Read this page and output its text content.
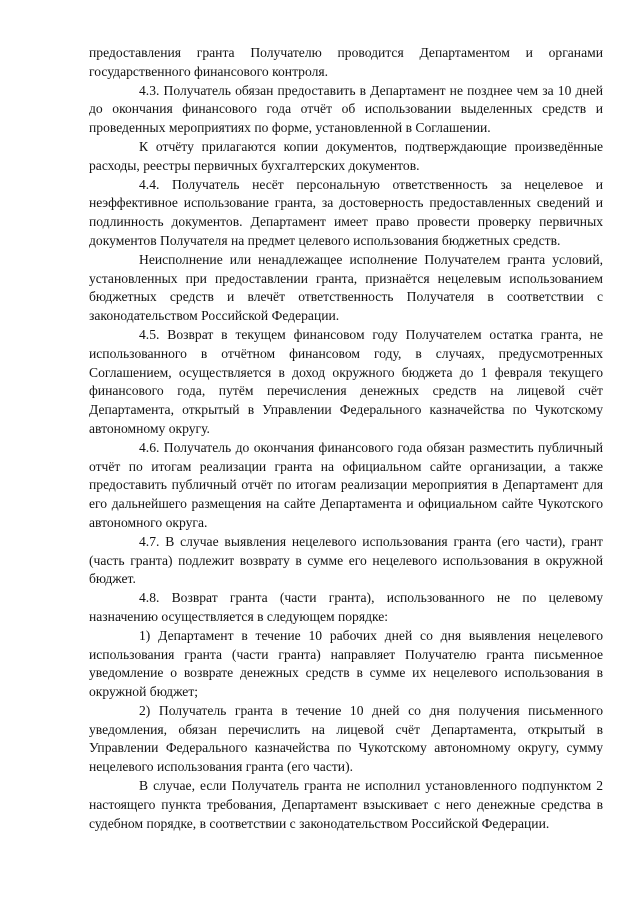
предоставления гранта Получателю проводится Департаментом и органами государственного финансового контроля.

4.3. Получатель обязан предоставить в Департамент не позднее чем за 10 дней до окончания финансового года отчёт об использовании выделенных средств и проведенных мероприятиях по форме, установленной в Соглашении.

К отчёту прилагаются копии документов, подтверждающие произведённые расходы, реестры первичных бухгалтерских документов.

4.4. Получатель несёт персональную ответственность за нецелевое и неэффективное использование гранта, за достоверность предоставленных сведений и подлинность документов. Департамент имеет право провести проверку первичных документов Получателя на предмет целевого использования бюджетных средств.

Неисполнение или ненадлежащее исполнение Получателем гранта условий, установленных при предоставлении гранта, признаётся нецелевым использованием бюджетных средств и влечёт ответственность Получателя в соответствии с законодательством Российской Федерации.

4.5. Возврат в текущем финансовом году Получателем остатка гранта, не использованного в отчётном финансовом году, в случаях, предусмотренных Соглашением, осуществляется в доход окружного бюджета до 1 февраля текущего финансового года, путём перечисления денежных средств на лицевой счёт Департамента, открытый в Управлении Федерального казначейства по Чукотскому автономному округу.

4.6. Получатель до окончания финансового года обязан разместить публичный отчёт по итогам реализации гранта на официальном сайте организации, а также предоставить публичный отчёт по итогам реализации мероприятия в Департамент для его дальнейшего размещения на сайте Департамента и официальном сайте Чукотского автономного округа.

4.7. В случае выявления нецелевого использования гранта (его части), грант (часть гранта) подлежит возврату в сумме его нецелевого использования в окружной бюджет.

4.8. Возврат гранта (части гранта), использованного не по целевому назначению осуществляется в следующем порядке:

1) Департамент в течение 10 рабочих дней со дня выявления нецелевого использования гранта (части гранта) направляет Получателю гранта письменное уведомление о возврате денежных средств в сумме их нецелевого использования в окружной бюджет;

2) Получатель гранта в течение 10 дней со дня получения письменного уведомления, обязан перечислить на лицевой счёт Департамента, открытый в Управлении Федерального казначейства по Чукотскому автономному округу, сумму нецелевого использования гранта (его части).

В случае, если Получатель гранта не исполнил установленного подпунктом 2 настоящего пункта требования, Департамент взыскивает с него денежные средства в судебном порядке, в соответствии с законодательством Российской Федерации.
